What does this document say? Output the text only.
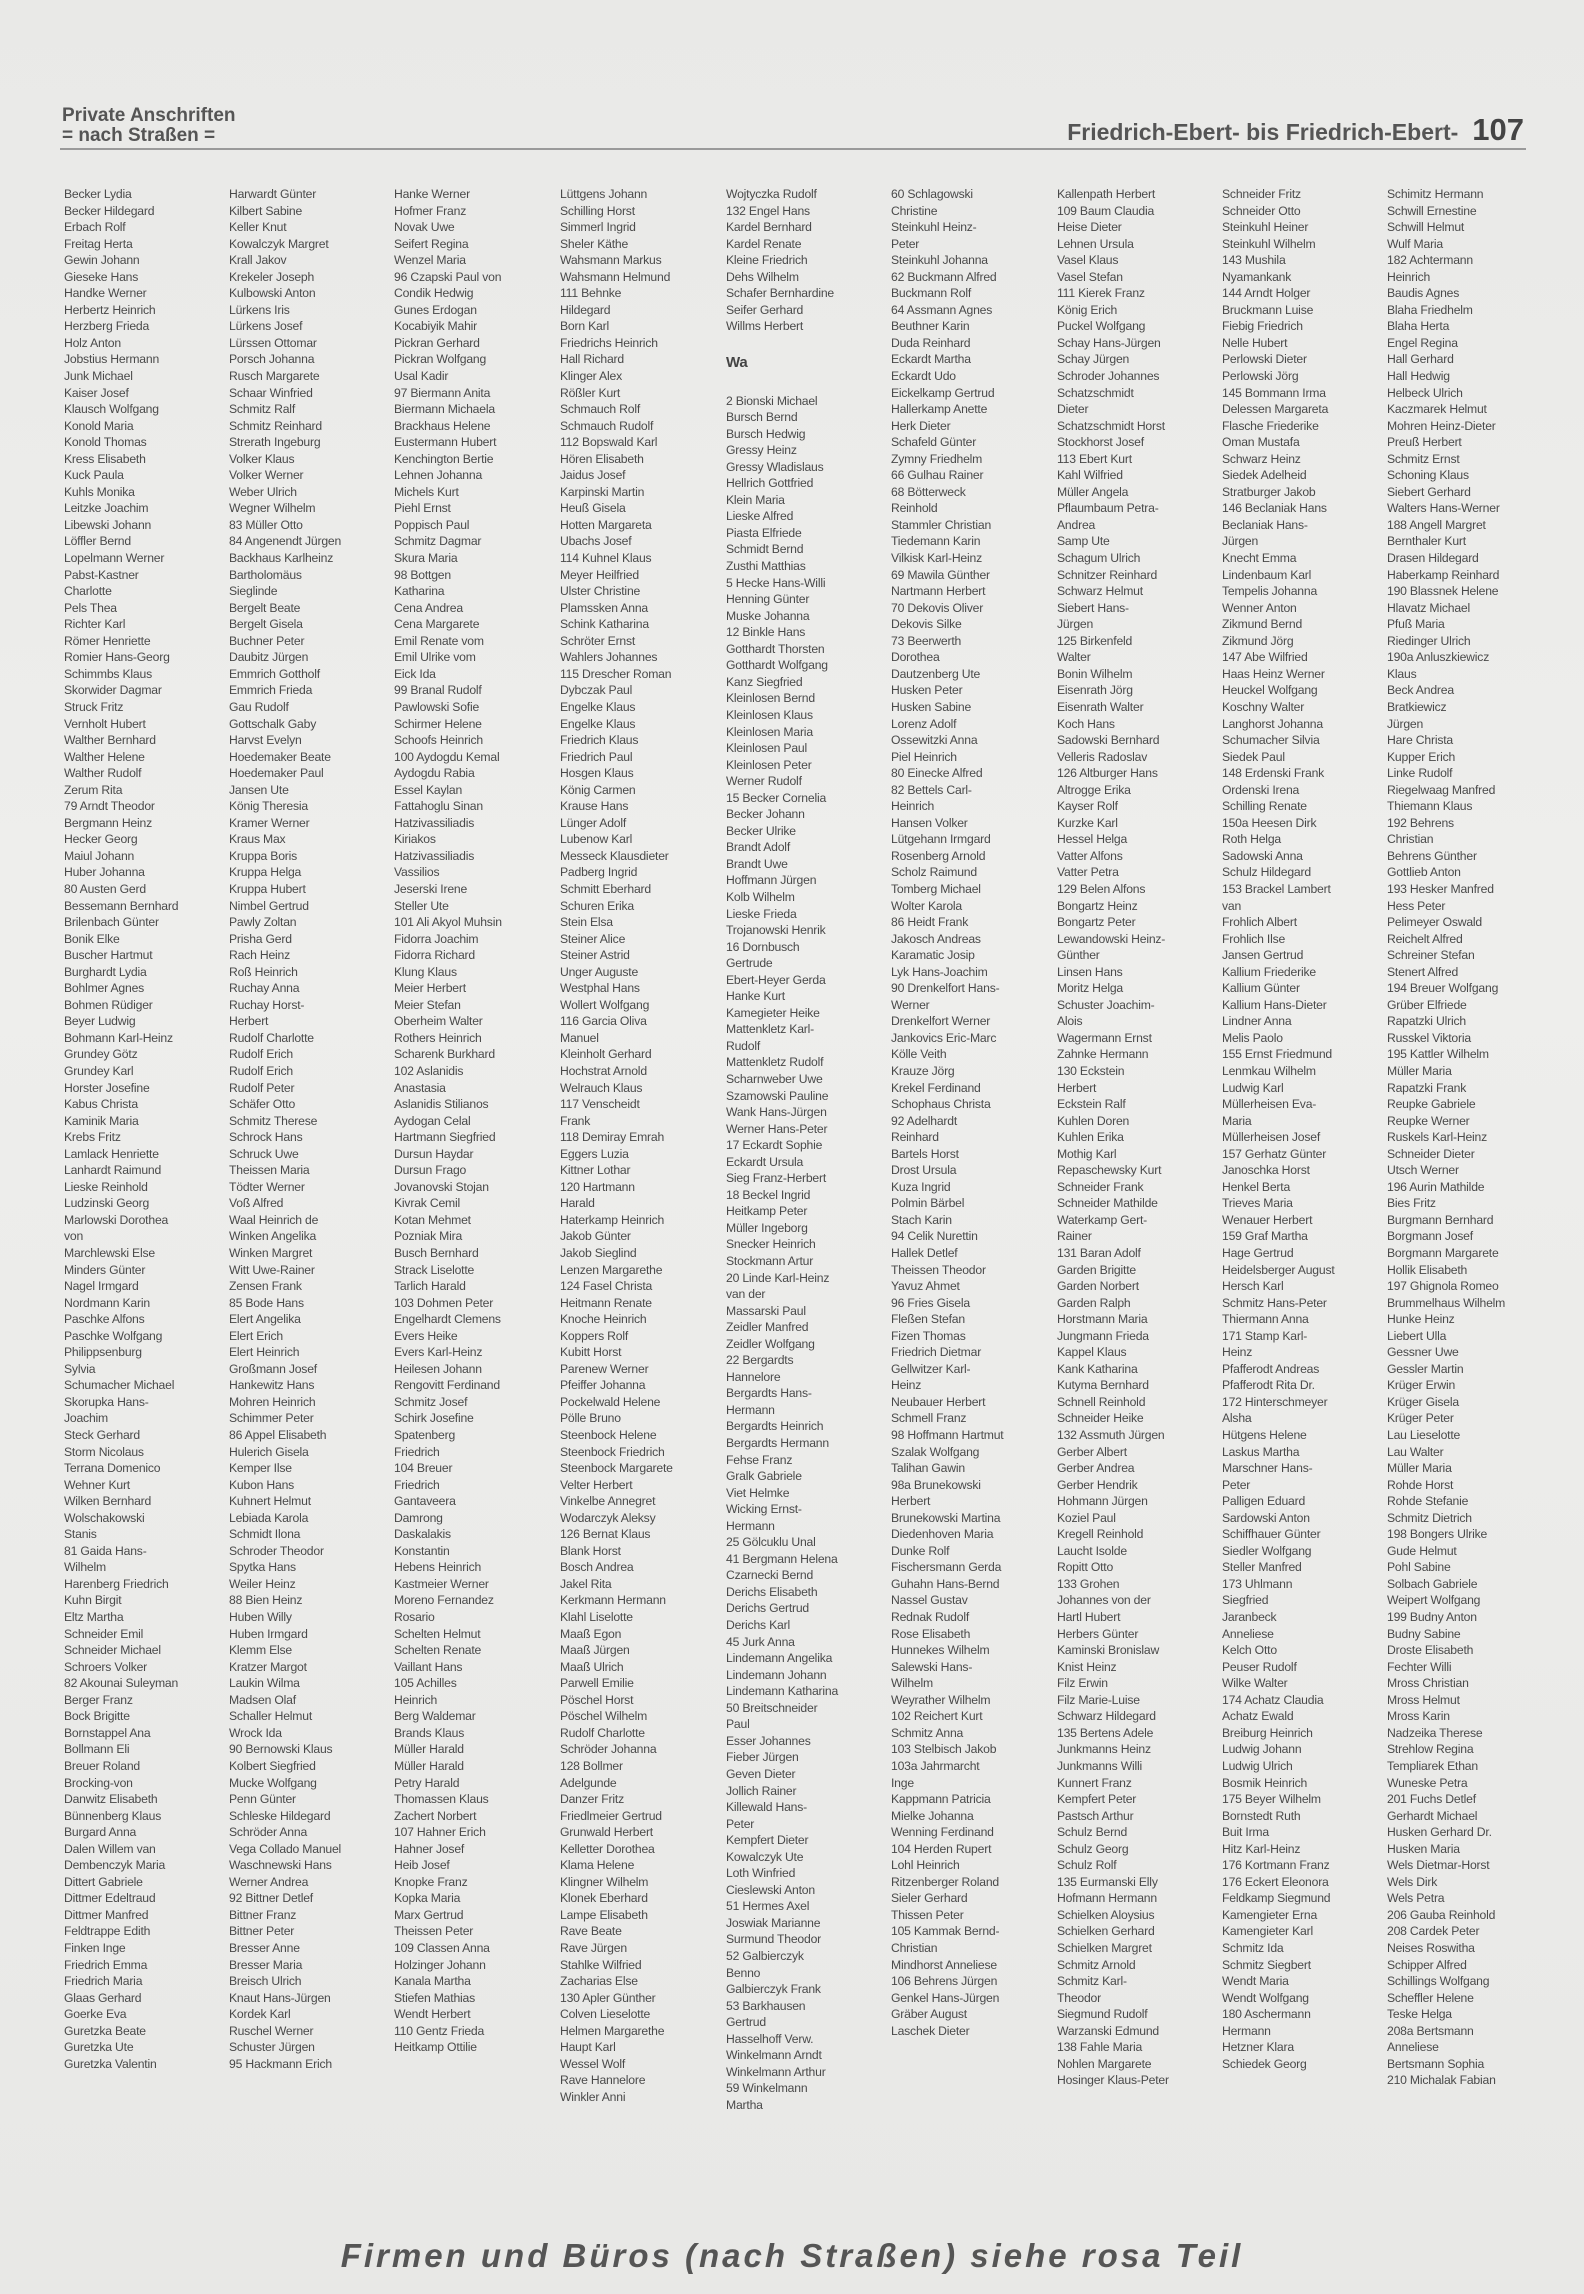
Private Anschriften
= nach Straßen =	Friedrich-Ebert- bis Friedrich-Ebert- 107
Becker Lydia
Becker Hildegard
Erbach Rolf
Freitag Herta
Gewin Johann
Gieseke Hans
Handke Werner
Herbertz Heinrich
Herzberg Frieda
Holz Anton
Jobstius Hermann
Junk Michael
Kaiser Josef
Klausch Wolfgang
Konold Maria
Konold Thomas
Kress Elisabeth
Kuck Paula
Kuhls Monika
Leitzke Joachim
Libewski Johann
Löffler Bernd
Lopelmann Werner
Pabst-Kastner
Charlotte
Pels Thea
Richter Karl
Römer Henriette
Romier Hans-Georg
Schimmbs Klaus
Skorwider Dagmar
Struck Fritz
Vernholt Hubert
Walther Bernhard
Walther Helene
Walther Rudolf
Zerum Rita
79 Arndt Theodor
Bergmann Heinz
Hecker Georg
Maiul Johann
Huber Johanna
80 Austen Gerd
Bessemann Bernhard
Brilenbach Günter
Bonik Elke
Buscher Hartmut
Burghardt Lydia
Bohlmer Agnes
Bohmen Rüdiger
Beyer Ludwig
Bohmann Karl-Heinz
Grundey Götz
Grundey Karl
Horster Josefine
Kabus Christa
Kaminik Maria
Krebs Fritz
Lamlack Henriette
Lanhardt Raimund
Lieske Reinhold
Ludzinski Georg
Marlowski Dorothea
von
Marchlewski Else
Minders Günter
Nagel Irmgard
Nordmann Karin
Paschke Alfons
Paschke Wolfgang
Philippsenburg
Sylvia
Schumacher Michael
Skorupka Hans-
Joachim
Steck Gerhard
Storm Nicolaus
Terrana Domenico
Wehner Kurt
Wilken Bernhard
Wolschakowski
Stanis
81 Gaida Hans-
Wilhelm
Harenberg Friedrich
Kuhn Birgit
Eltz Martha
Schneider Emil
Schneider Michael
Schroers Volker
82 Akounai Suleyman
Berger Franz
Bock Brigitte
Bornstappel Ana
Bollmann Eli
Breuer Roland
Brocking-von
Danwitz Elisabeth
Bünnenberg Klaus
Burgard Anna
Dalen Willem van
Dembenczyk Maria
Dittert Gabriele
Dittmer Edeltraud
Dittmer Manfred
Feldtrappe Edith
Finken Inge
Friedrich Emma
Friedrich Maria
Glaas Gerhard
Goerke Eva
Guretzka Beate
Guretzka Ute
Guretzka Valentin
Harwardt Günter
Kilbert Sabine
Keller Knut
Kowalczyk Margret
Krall Jakov
Krekeler Joseph
Kulbowski Anton
Lürkens Iris
Lürkens Josef
Lürssen Ottomar
Porsch Johanna
Rusch Margarete
Schaar Winfried
Schmitz Ralf
Schmitz Reinhard
Strerath Ingeburg
Volker Klaus
Volker Werner
Weber Ulrich
Wegner Wilhelm
83 Müller Otto
84 Angenendt Jürgen
Backhaus Karlheinz
Bartholomäus
Sieglinde
Bergelt Beate
Bergelt Gisela
Buchner Peter
Daubitz Jürgen
Emmrich Gottholf
Emmrich Frieda
Gau Rudolf
Gottschalk Gaby
Harvst Evelyn
Hoedemaker Beate
Hoedemaker Paul
Jansen Ute
König Theresia
Kramer Werner
Kraus Max
Kruppa Boris
Kruppa Helga
Kruppa Hubert
Nimbel Gertrud
Pawly Zoltan
Prisha Gerd
Rach Heinz
Roß Heinrich
Ruchay Anna
Ruchay Horst-
Herbert
Rudolf Charlotte
Rudolf Erich
Rudolf Erich
Rudolf Peter
Schäfer Otto
Schmitz Therese
Schrock Hans
Schruck Uwe
Theissen Maria
Tödter Werner
Voß Alfred
Waal Heinrich de
Winken Angelika
Winken Margret
Witt Uwe-Rainer
Zensen Frank
85 Bode Hans
Elert Angelika
Elert Erich
Elert Heinrich
Großmann Josef
Hankewitz Hans
Mohren Heinrich
Schimmer Peter
86 Appel Elisabeth
Hulerich Gisela
Kemper Ilse
Kubon Hans
Kuhnert Helmut
Lebiada Karola
Schmidt Ilona
Schroder Theodor
Spytka Hans
Weiler Heinz
88 Bien Heinz
Huben Willy
Huben Irmgard
Klemm Else
Kratzer Margot
Laukin Wilma
Madsen Olaf
Schaller Helmut
Wrock Ida
90 Bernowski Klaus
Kolbert Siegfried
Mucke Wolfgang
Penn Günter
Schleske Hildegard
Schröder Anna
Vega Collado Manuel
Waschnewski Hans
Werner Andrea
92 Bittner Detlef
Bittner Franz
Bittner Peter
Bresser Anne
Bresser Maria
Breisch Ulrich
Knaut Hans-Jürgen
Kordek Karl
Ruschel Werner
Schuster Jürgen
95 Hackmann Erich
Hanke Werner
Hofmer Franz
Novak Uwe
Seifert Regina
Wenzel Maria
96 Czapski Paul von
Condik Hedwig
Gunes Erdogan
Kocabiyik Mahir
Pickran Gerhard
Pickran Wolfgang
Usal Kadir
97 Biermann Anita
Biermann Michaela
Brackhaus Helene
Eustermann Hubert
Kenchington Bertie
Lehnen Johanna
Michels Kurt
Piehl Ernst
Poppisch Paul
Schmitz Dagmar
Skura Maria
98 Bottgen
Katharina
Cena Andrea
Cena Margarete
Emil Renate vom
Emil Ulrike vom
Eick Ida
99 Branal Rudolf
Pawlowski Sofie
Schirmer Helene
Schoofs Heinrich
100 Aydogdu Kemal
Aydogdu Rabia
Essel Kaylan
Fattahoglu Sinan
Hatzivassiliadis
Kiriakos
Hatzivassiliadis
Vassilios
Jeserski Irene
Steller Ute
101 Ali Akyol Muhsin
Fidorra Joachim
Fidorra Richard
Klung Klaus
Meier Herbert
Meier Stefan
Oberheim Walter
Rothers Heinrich
Scharenk Burkhard
102 Aslanidis
Anastasia
Aslanidis Stilianos
Aydogan Celal
Hartmann Siegfried
Dursun Haydar
Dursun Frago
Jovanovski Stojan
Kivrak Cemil
Kotan Mehmet
Pozniak Mira
Busch Bernhard
Strack Liselotte
Tarlich Harald
103 Dohmen Peter
Engelhardt Clemens
Evers Heike
Evers Karl-Heinz
Heilesen Johann
Rengovitt Ferdinand
Schmitz Josef
Schirk Josefine
Spatenberg
Friedrich
104 Breuer
Friedrich
Gantaveera
Damrong
Daskalakis
Konstantin
Hebens Heinrich
Kastmeier Werner
Moreno Fernandez
Rosario
Schelten Helmut
Schelten Renate
Vaillant Hans
105 Achilles
Heinrich
Berg Waldemar
Brands Klaus
Müller Harald
Müller Harald
Petry Harald
Thomassen Klaus
Zachert Norbert
107 Hahner Erich
Hahner Josef
Heib Josef
Knopke Franz
Kopka Maria
Marx Gertrud
Theissen Peter
109 Classen Anna
Holzinger Johann
Kanala Martha
Stiefen Mathias
Wendt Herbert
110 Gentz Frieda
Heitkamp Ottilie
Lüttgens Johann
Schilling Horst
Simmerl Ingrid
Sheler Käthe
Wahsmann Markus
Wahsmann Helmund
111 Behnke
Hildegard
Born Karl
Friedrichs Heinrich
Hall Richard
Klinger Alex
Rößler Kurt
Schmauch Rolf
Schmauch Rudolf
112 Bopswald Karl
Hören Elisabeth
Jaidus Josef
Karpinski Martin
Heuß Gisela
Hotten Margareta
Ubachs Josef
114 Kuhnel Klaus
Meyer Heilfried
Ulster Christine
Plamssken Anna
Schink Katharina
Schröter Ernst
Wahlers Johannes
115 Drescher Roman
Dybczak Paul
Engelke Klaus
Engelke Klaus
Friedrich Klaus
Friedrich Paul
Hosgen Klaus
König Carmen
Krause Hans
Lünger Adolf
Lubenow Karl
Messeck Klausdieter
Padberg Ingrid
Schmitt Eberhard
Schuren Erika
Stein Elsa
Steiner Alice
Steiner Astrid
Unger Auguste
Westphal Hans
Wollert Wolfgang
116 Garcia Oliva
Manuel
Kleinholt Gerhard
Hochstrat Arnold
Welrauch Klaus
117 Venscheidt
Frank
118 Demiray Emrah
Eggers Luzia
Kittner Lothar
120 Hartmann
Harald
Haterkamp Heinrich
Jakob Günter
Jakob Sieglind
Lenzen Margarethe
124 Fasel Christa
Heitmann Renate
Knoche Heinrich
Koppers Rolf
Kubitt Horst
Parenew Werner
Pfeiffer Johanna
Pockelwald Helene
Pölle Bruno
Steenbock Helene
Steenbock Friedrich
Steenbock Margarete
Velter Herbert
Vinkelbe Annegret
Wodarczyk Aleksy
126 Bernat Klaus
Blank Horst
Bosch Andrea
Jakel Rita
Kerkmann Hermann
Klahl Liselotte
Maaß Egon
Maaß Jürgen
Maaß Ulrich
Parwell Emilie
Pöschel Horst
Pöschel Wilhelm
Rudolf Charlotte
Schröder Johanna
128 Bollmer
Adelgunde
Danzer Fritz
Friedlmeier Gertrud
Grunwald Herbert
Kelletter Dorothea
Klama Helene
Klingner Wilhelm
Klonek Eberhard
Lampe Elisabeth
Rave Beate
Rave Jürgen
Stahlke Wilfried
Zacharias Else
130 Apler Günther
Colven Lieselotte
Helmen Margarethe
Haupt Karl
Wessel Wolf
Rave Hannelore
Winkler Anni
Wojtyczka Rudolf
132 Engel Hans
Kardel Bernhard
Kardel Renate
Kleine Friedrich
Dehs Wilhelm
Schafer Bernhardine
Seifer Gerhard
Willms Herbert
Wa
2 Bionski Michael
Bursch Bernd
Bursch Hedwig
Gressy Heinz
Gressy Wladislaus
Hellrich Gottfried
Klein Maria
Lieske Alfred
Piasta Elfriede
Schmidt Bernd
Zusthi Matthias
5 Hecke Hans-Willi
Henning Günter
Muske Johanna
12 Binkle Hans
Gotthardt Thorsten
Gotthardt Wolfgang
Kanz Siegfried
Kleinlosen Bernd
Kleinlosen Klaus
Kleinlosen Maria
Kleinlosen Paul
Kleinlosen Peter
Werner Rudolf
15 Becker Cornelia
Becker Johann
Becker Ulrike
Brandt Adolf
Brandt Uwe
Hoffmann Jürgen
Kolb Wilhelm
Lieske Frieda
Trojanowski Henrik
16 Dornbusch
Gertrude
Ebert-Heyer Gerda
Hanke Kurt
Kamegieter Heike
Mattenkletz Karl-
Rudolf
Mattenkletz Rudolf
Scharnweber Uwe
Szamowski Pauline
Wank Hans-Jürgen
Werner Hans-Peter
17 Eckardt Sophie
Eckardt Ursula
Sieg Franz-Herbert
18 Beckel Ingrid
Heitkamp Peter
Müller Ingeborg
Snecker Heinrich
Stockmann Artur
20 Linde Karl-Heinz
van der
Massarski Paul
Zeidler Manfred
Zeidler Wolfgang
22 Bergardts
Hannelore
Bergardts Hans-
Hermann
Bergardts Heinrich
Bergardts Hermann
Fehse Franz
Gralk Gabriele
Viet Helmke
Wicking Ernst-
Hermann
25 Gölcuklu Unal
41 Bergmann Helena
Czarnecki Bernd
Derichs Elisabeth
Derichs Gertrud
Derichs Karl
45 Jurk Anna
Lindemann Angelika
Lindemann Johann
Lindemann Katharina
50 Breitschneider
Paul
Esser Johannes
Fieber Jürgen
Geven Dieter
Jollich Rainer
Killewald Hans-
Peter
Kempfert Dieter
Kowalczyk Ute
Loth Winfried
Cieslewski Anton
51 Hermes Axel
Joswiak Marianne
Surmund Theodor
52 Galbierczyk
Benno
Galbierczyk Frank
53 Barkhausen
Gertrud
Hasselhoff Verw.
Winkelmann Arndt
Winkelmann Arthur
59 Winkelmann
Martha
60 Schlagowski
Christine
Steinkuhl Heinz-
Peter
Steinkuhl Johanna
62 Buckmann Alfred
Buckmann Rolf
64 Assmann Agnes
Beuthner Karin
Duda Reinhard
Eckardt Martha
Eckardt Udo
Eickelkamp Gertrud
Hallerkamp Anette
Herk Dieter
Schafeld Günter
Zymny Friedhelm
66 Gulhau Rainer
68 Bötterweck
Reinhold
Stammler Christian
Tiedemann Karin
Vilkisk Karl-Heinz
69 Mawila Günther
Nartmann Herbert
70 Dekovis Oliver
Dekovis Silke
73 Beerwerth
Dorothea
Dautzenberg Ute
Husken Peter
Husken Sabine
Lorenz Adolf
Ossewitzki Anna
Piel Heinrich
80 Einecke Alfred
82 Bettels Carl-
Heinrich
Hansen Volker
Lütgehann Irmgard
Rosenberg Arnold
Scholz Raimund
Tomberg Michael
Wolter Karola
86 Heidt Frank
Jakosch Andreas
Karamatic Josip
Lyk Hans-Joachim
90 Drenkelfort Hans-
Werner
Drenkelfort Werner
Jankovics Eric-Marc
Kölle Veith
Krauze Jörg
Krekel Ferdinand
Schophaus Christa
92 Adelhardt
Reinhard
Bartels Horst
Drost Ursula
Kuza Ingrid
Polmin Bärbel
Stach Karin
94 Celik Nurettin
Hallek Detlef
Theissen Theodor
Yavuz Ahmet
96 Fries Gisela
Fleßen Stefan
Fizen Thomas
Friedrich Dietmar
Gellwitzer Karl-
Heinz
Neubauer Herbert
Schmell Franz
98 Hoffmann Hartmut
Szalak Wolfgang
Talihan Gawin
98a Brunekowski
Herbert
Brunekowski Martina
Diedenhoven Maria
Dunke Rolf
Fischersmann Gerda
Guhahn Hans-Bernd
Nassel Gustav
Rednak Rudolf
Rose Elisabeth
Hunnekes Wilhelm
Salewski Hans-
Wilhelm
Weyrather Wilhelm
102 Reichert Kurt
Schmitz Anna
103 Stelbisch Jakob
103a Jahrmarcht
Inge
Kappmann Patricia
Mielke Johanna
Wenning Ferdinand
104 Herden Rupert
Lohl Heinrich
Ritzenberger Roland
Sieler Gerhard
Thissen Peter
105 Kammak Bernd-
Christian
Mindhorst Anneliese
106 Behrens Jürgen
Genkel Hans-Jürgen
Gräber August
Laschek Dieter
Kallenpath Herbert
109 Baum Claudia
Heise Dieter
Lehnen Ursula
Vasel Klaus
Vasel Stefan
111 Kierek Franz
König Erich
Puckel Wolfgang
Schay Hans-Jürgen
Schay Jürgen
Schroder Johannes
Schatzschmidt
Dieter
Schatzschmidt Horst
Stockhorst Josef
113 Ebert Kurt
Kahl Wilfried
Müller Angela
Pflaumbaum Petra-
Andrea
Samp Ute
Schagum Ulrich
Schnitzer Reinhard
Schwarz Helmut
Siebert Hans-
Jürgen
125 Birkenfeld
Walter
Bonin Wilhelm
Eisenrath Jörg
Eisenrath Walter
Koch Hans
Sadowski Bernhard
Velleris Radoslav
126 Altburger Hans
Altrogge Erika
Kayser Rolf
Kurzke Karl
Hessel Helga
Vatter Alfons
Vatter Petra
129 Belen Alfons
Bongartz Heinz
Bongartz Peter
Lewandowski Heinz-
Günther
Linsen Hans
Moritz Helga
Schuster Joachim-
Alois
Wagermann Ernst
Zahnke Hermann
130 Eckstein
Herbert
Eckstein Ralf
Kuhlen Doren
Kuhlen Erika
Mothig Karl
Repaschewsky Kurt
Schneider Frank
Schneider Mathilde
Waterkamp Gert-
Rainer
131 Baran Adolf
Garden Brigitte
Garden Norbert
Garden Ralph
Horstmann Maria
Jungmann Frieda
Kappel Klaus
Kank Katharina
Kutyma Bernhard
Schnell Reinhold
Schneider Heike
132 Assmuth Jürgen
Gerber Albert
Gerber Andrea
Gerber Hendrik
Hohmann Jürgen
Koziel Paul
Kregell Reinhold
Laucht Isolde
Ropitt Otto
133 Grohen
Johannes von der
Hartl Hubert
Herbers Günter
Kaminski Bronislaw
Knist Heinz
Filz Erwin
Filz Marie-Luise
Schwarz Hildegard
135 Bertens Adele
Junkmanns Heinz
Junkmanns Willi
Kunnert Franz
Kempfert Peter
Pastsch Arthur
Schulz Bernd
Schulz Georg
Schulz Rolf
135 Eurmanski Elly
Hofmann Hermann
Schielken Aloysius
Schielken Gerhard
Schielken Margret
Schmitz Arnold
Schmitz Karl-
Theodor
Siegmund Rudolf
Warzanski Edmund
138 Fahle Maria
Nohlen Margarete
Hosinger Klaus-Peter
Schneider Fritz
Schneider Otto
Steinkuhl Heiner
Steinkuhl Wilhelm
143 Mushila
Nyamankank
144 Arndt Holger
Bruckmann Luise
Fiebig Friedrich
Nelle Hubert
Perlowski Dieter
Perlowski Jörg
145 Bommann Irma
Delessen Margareta
Flasche Friederike
Oman Mustafa
Schwarz Heinz
Siedek Adelheid
Stratburger Jakob
146 Beclaniak Hans
Beclaniak Hans-
Jürgen
Knecht Emma
Lindenbaum Karl
Tempelis Johanna
Wenner Anton
Zikmund Bernd
Zikmund Jörg
147 Abe Wilfried
Haas Heinz Werner
Heuckel Wolfgang
Koschny Walter
Langhorst Johanna
Schumacher Silvia
Siedek Paul
148 Erdenski Frank
Ordenski Irena
Schilling Renate
150a Heesen Dirk
Roth Helga
Sadowski Anna
Schulz Hildegard
153 Brackel Lambert
van
Frohlich Albert
Frohlich Ilse
Jansen Gertrud
Kallium Friederike
Kallium Günter
Kallium Hans-Dieter
Lindner Anna
Melis Paolo
155 Ernst Friedmund
Lenmkau Wilhelm
Ludwig Karl
Müllerheisen Eva-
Maria
Müllerheisen Josef
157 Gerhatz Günter
Janoschka Horst
Henkel Berta
Trieves Maria
Wenauer Herbert
159 Graf Martha
Hage Gertrud
Heidelsberger August
Hersch Karl
Schmitz Hans-Peter
Thiermann Anna
171 Stamp Karl-
Heinz
Pfafferodt Andreas
Pfafferodt Rita Dr.
172 Hinterschmeyer
Alsha
Hütgens Helene
Laskus Martha
Marschner Hans-
Peter
Palligen Eduard
Sardowski Anton
Schiffhauer Günter
Siedler Wolfgang
Steller Manfred
173 Uhlmann
Siegfried
Jaranbeck
Anneliese
Kelch Otto
Peuser Rudolf
Wilke Walter
174 Achatz Claudia
Achatz Ewald
Breiburg Heinrich
Ludwig Johann
Ludwig Ulrich
Bosmik Heinrich
175 Beyer Wilhelm
Bornstedt Ruth
Buit Irma
Hitz Karl-Heinz
176 Kortmann Franz
176 Eckert Eleonora
Feldkamp Siegmund
Kamengieter Erna
Kamengieter Karl
Schmitz Ida
Schmitz Siegbert
Wendt Maria
Wendt Wolfgang
180 Aschermann
Hermann
Hetzner Klara
Schiedek Georg
Schimitz Hermann
Schwill Ernestine
Schwill Helmut
Wulf Maria
182 Achtermann
Heinrich
Baudis Agnes
Blaha Friedhelm
Blaha Herta
Engel Regina
Hall Gerhard
Hall Hedwig
Helbeck Ulrich
Kaczmarek Helmut
Mohren Heinz-Dieter
Preuß Herbert
Schmitz Ernst
Schoning Klaus
Siebert Gerhard
Walters Hans-Werner
188 Angell Margret
Bernthaler Kurt
Drasen Hildegard
Haberkamp Reinhard
190 Blassnek Helene
Hlavatz Michael
Pfuß Maria
Riedinger Ulrich
190a Anluszkiewicz
Klaus
Beck Andrea
Bratkiewicz
Jürgen
Hare Christa
Kupper Erich
Linke Rudolf
Riegelwaag Manfred
Thiemann Klaus
192 Behrens
Christian
Behrens Günther
Gottlieb Anton
193 Hesker Manfred
Hess Peter
Pelimeyer Oswald
Reichelt Alfred
Schreiner Stefan
Stenert Alfred
194 Breuer Wolfgang
Grüber Elfriede
Rapatzki Ulrich
Russkel Viktoria
195 Kattler Wilhelm
Müller Maria
Rapatzki Frank
Reupke Gabriele
Reupke Werner
Ruskels Karl-Heinz
Schneider Dieter
Utsch Werner
196 Aurin Mathilde
Bies Fritz
Burgmann Bernhard
Borgmann Josef
Borgmann Margarete
Hollik Elisabeth
197 Ghignola Romeo
Brummelhaus Wilhelm
Hunke Heinz
Liebert Ulla
Gessner Uwe
Gessler Martin
Krüger Erwin
Krüger Gisela
Krüger Peter
Lau Lieselotte
Lau Walter
Müller Maria
Rohde Horst
Rohde Stefanie
Schmitz Dietrich
198 Bongers Ulrike
Gude Helmut
Pohl Sabine
Solbach Gabriele
Weipert Wolfgang
199 Budny Anton
Budny Sabine
Droste Elisabeth
Fechter Willi
Mross Christian
Mross Helmut
Mross Karin
Nadzeika Therese
Strehlow Regina
Templiarek Ethan
Wuneske Petra
201 Fuchs Detlef
Gerhardt Michael
Husken Gerhard Dr.
Husken Maria
Wels Dietmar-Horst
Wels Dirk
Wels Petra
206 Gauba Reinhold
208 Cardek Peter
Neises Roswitha
Schipper Alfred
Schillings Wolfgang
Scheffler Helene
Teske Helga
208a Bertsmann
Anneliese
Bertsmann Sophia
210 Michalak Fabian
Firmen und Büros (nach Straßen) siehe rosa Teil
